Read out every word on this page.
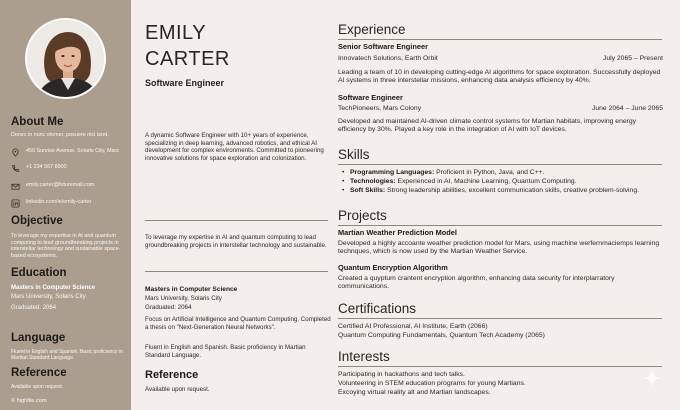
About Me
Donec in nunc elemer, posuere nisl iaret,
450 Sunrise Avenue, Solaris City, Mars
+1 234 567 8900
emily.carter@futuremail.com
linkedin.com/in/emily-carter
Objective
To leverage my expertise in AI and quantum computing to lead groundbreaking projects in interstellar technology and sustainable space-based ecosystems.
Education
Masters in Computer Science
Mars University, Solaris City
Graduated: 2064
Language
Fluent in English and Spanish. Basic proficiency in Martian Standard Language.
Reference
Available upon request.
© highfile.com
EMILY
CARTER
Software Engineer
A dynamic Software Engineer with 10+ years of experience, specializing in deep learning, advanced robotics, and ethical AI development for complex environments. Committed to pioneering innovative solutions for space exploration and colonization.
To leverage my expertise in AI and quantum computing to lead groundbreaking projects in interstellar technology and sustainable.
Masters in Computer Science
Mars University, Solaris City
Graduated: 2064
Focus on Artificial Intelligence and Quantum Computing. Completed a thesis on "Next-Generation Neural Networks".
Fluent in English and Spanish. Basic proficiency in Martian Standard Language.
Reference
Available upon request.
Experience
Senior Software Engineer
Innovatech Solutions, Earth Orbit	July 2065 – Present
Leading a team of 10 in developing cutting-edge AI algorithms for space exploration. Successfully deployed AI systems in three interstellar missions, enhancing data analysis efficiency by 40%.
Software Engineer
TechPioneers, Mars Colony	June 2064 – June 2065
Developed and maintained AI-driven climate control systems for Martian habitats, improving energy efficiency by 30%. Played a key role in the integration of AI with IoT devices.
Skills
• Programming Languages: Proficient in Python, Java, and C++.
• Technologies: Experienced in AI, Machine Learning, Quantum Computing.
• Soft Skills: Strong leadership abilities, excellent communication skills, creative problem-solving.
Projects
Martian Weather Prediction Model
Developed a highly accoante weather prediction model for Mars, using machine werfernmaciemps learning technques, which is now used by the Martian Weather Service.
Quantum Encryption Algorithm
Created a quyptum crantent encryption algorithm, enhancing data security for interplarratory communications.
Certifications
Certified AI Professional, AI Institute, Earth (2066)
Quantum Computing Fundamentals, Quantum Tech Academy (2065)
Interests
Participating in hackathons and tech talks.
Volunteering in STEM education programs for young Martians.
Excoying virtual reality alt and Martian landscapes.
